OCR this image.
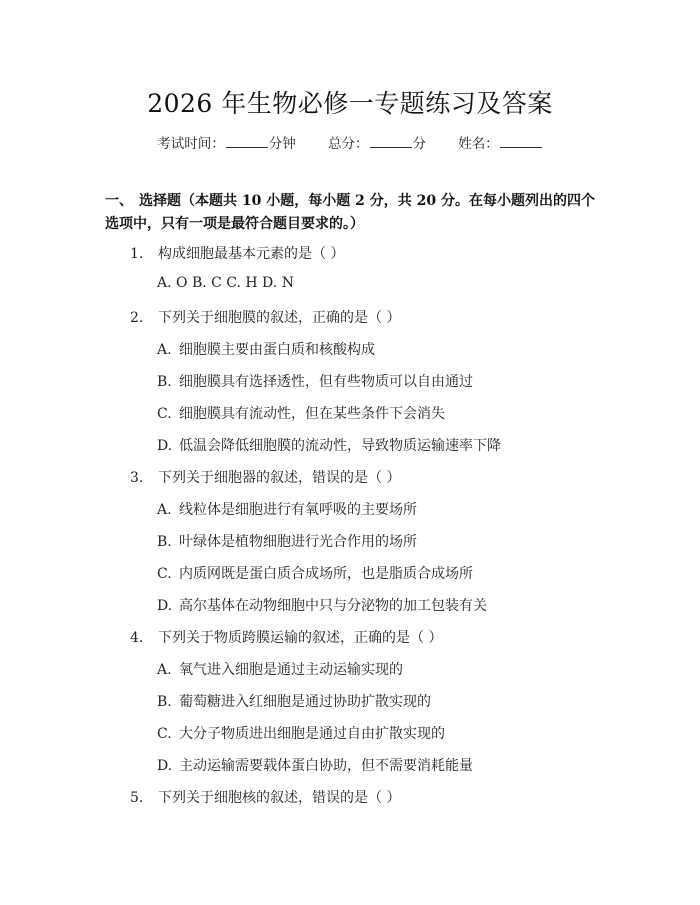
2026 年生物必修一专题练习及答案
考试时间：	分钟 总分：	分 姓名：
一、 选择题（本题共 10 小题，每小题 2 分，共 20 分。在每小题列出的四个选项中，只有一项是最符合题目要求的。）
1. 构成细胞最基本元素的是（ ）
A. O B. C C. H D. N
2. 下列关于细胞膜的叙述，正确的是（ ）
A. 细胞膜主要由蛋白质和核酸构成
B. 细胞膜具有选择透性，但有些物质可以自由通过
C. 细胞膜具有流动性，但在某些条件下会消失
D. 低温会降低细胞膜的流动性，导致物质运输速率下降
3. 下列关于细胞器的叙述，错误的是（ ）
A. 线粒体是细胞进行有氧呼吸的主要场所
B. 叶绿体是植物细胞进行光合作用的场所
C. 内质网既是蛋白质合成场所，也是脂质合成场所
D. 高尔基体在动物细胞中只与分泌物的加工包装有关
4. 下列关于物质跨膜运输的叙述，正确的是（ ）
A. 氧气进入细胞是通过主动运输实现的
B. 葡萄糖进入红细胞是通过协助扩散实现的
C. 大分子物质进出细胞是通过自由扩散实现的
D. 主动运输需要载体蛋白协助，但不需要消耗能量
5. 下列关于细胞核的叙述，错误的是（ ）
